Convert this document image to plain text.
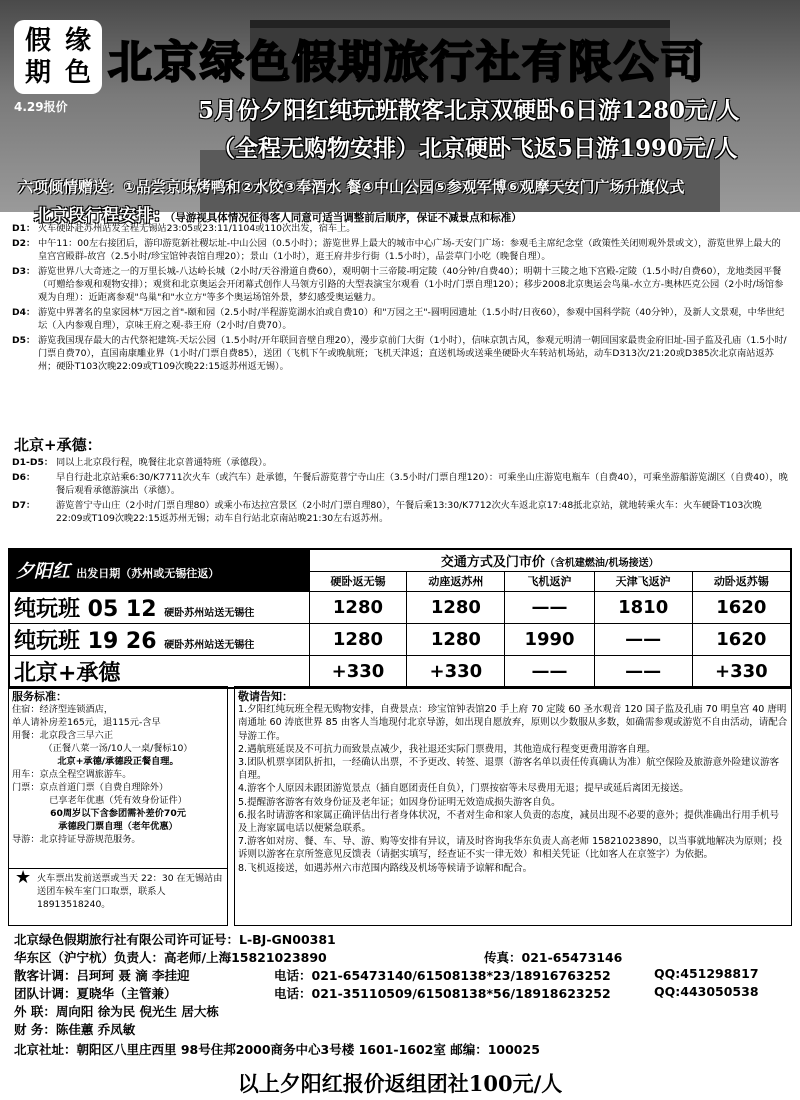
假 缘
期 色
4.29报价
北京绿色假期旅行社有限公司
5月份夕阳红纯玩班散客北京双硬卧6日游1280元/人
（全程无购物安排）北京硬卧飞返5日游1990元/人
六项倾情赠送：①品尝京味烤鸭和②水饺③奉酒水 餐④中山公园⑤参观军博⑥观摩天安门广场升旗仪式
北京段行程安排：（导游视具体情况征得客人同意可适当调整前后顺序，保证不减景点和标准）
D1： 火车硬卧赴苏州站发全程无锡站23:05或23:11/1104或110次出发，宿车上。
D2： 中午11：00左右接团后，游印游览新社稷坛址-中山公园（0.5小时）；游览世界上最大的城市中心广场-天安门广场：参观毛主席纪念堂（政策性关闭则观外景或文），游览世界上最大的皇宫宫殿群-故宫（2.5小时/珍宝馆钟表馆自理20）；景山（1小时），逛王府井步行街（1.5小时），品尝草门小吃（晚餐自理）。
D3： 游览世界八大奇迹之一的万里长城-八达岭长城（2小时/天谷滑道自费60），观明朝十三帝陵-明定陵（40分钟/自费40）；明朝十三陵之地下宫殿-定陵（1.5小时/自费60），龙地类园平餐（可赠给参观和观物安排）；观赏和北京奥运会开闭幕式创作人马领方引路的大型表演宝尔观看（1小时/门票自理120）；移步2008北京奥运会鸟巢-水立方-奥林匹克公园（2小时/场馆参观为自理）：近距离参观"鸟巢"和"水立方"等多个奥运场馆外景，梦幻感受奥运魅力。
D4： 游览中界著名的皇家园林"万园之首"-颐和园（2.5小时/半程游览湖水泊或自费10）和"万园之王"-圆明园遗址（1.5小时/日夜60），参观中国科学院（40分钟），及新人文景观，中华世纪坛（入内参观自理），京味王府之观-恭王府（2小时/自费70）。
D5： 游览我国现存最大的古代祭祀建筑-天坛公园（1.5小时/开年联回音壁自理20），漫步京前门大街（1小时），信味京凯古风，参观元明清一朝回国家最贵金府旧址-国子监及孔庙（1.5小时/门票自费70），直国南康雕业界（1小时/门票自费85），送团（飞机下午或晚航班；飞机天津返；直送机场或送乘坐硬卧火车转站机场站，动车D313次/21:20或D385次北京南站返苏州；硬卧T103次晚22:09或T109次晚22:15返苏州返无锡）。
北京+承德：
D1-D5： 同以上北京段行程，晚餐往北京普通特班（承德段）。
D6：	早自行赴北京站乘6:30/K7711次火车（或汽车）赴承德，午餐后游览普宁寺山庄（3.5小时/门票自理120）：可乘坐山庄游览电瓶车（自费40），可乘坐游船游览湖区（自费40），晚餐后观看承德游演出（承德）。
D7：	游览普宁寺山庄（2小时/门票自理80）或乘小布达拉宫景区（2小时/门票自理80），午餐后乘13:30/K7712次火车返北京17:48抵北京站，就地转乘火车：火车硬卧T103次晚22:09或T109次晚22:15返苏州无锡；动车自行站北京南站晚21:30左右返苏州。
夕阳红 出发日期（苏州或无锡往返）	交通方式及门市价（含机建燃油/机场接送）				
	硬卧返无锡	动座返苏州	飞机返沪	天津飞返沪	动卧返苏锡
纯玩班 05 12 硬卧苏州站送无锡往	1280	1280	——	1810	1620
纯玩班 19 26 硬卧苏州站送无锡往	1280	1280	1990	——	1620
北京+承德	+330	+330	——	——	+330
服务标准：
住宿：经济型连锁酒店，
单人请补房差165元，退115元-含早
用餐：北京段含三早六正
（正餐八菜一汤/10人一桌/餐标10）
北京+承德/承德段正餐自理。
用车：京点全程空调旅游车。
门票：京点首道门票（自费自理除外）
已享老年优惠（凭有效身份证件）
60周岁以下含参团需补差价70元
承德段门票自理（老年优惠）
导游：北京持证导游规范服务。
★ 火车票出发前送票或当天 22：30 在无锡站由送团车候车室门口取票，联系人 18913518240。
敬请告知：
1.夕阳红纯玩班全程无购物安排，自费景点：珍宝馆钟表馆20 手上府 70 定陵 60 圣水观音 120 国子监及孔庙 70 明皇宫 40 唐明南通址 60 涛底世界 85 由客人当地现付北京导游，如出现自愿放弃，原则以少数服从多数，如确需参观或游览不自由活动，请配合导游工作。
2.遇航班延误及不可抗力而致景点减少，我社退还实际门票费用，其他造成行程变更费用游客自理。
3.团队机票享团队折扣，一经确认出票，不予更改、转签、退票（游客名单以责任传真确认为准）航空保险及旅游意外险建议游客自理。
4.游客个人原因未跟团游览景点（插自愿团责任自负），门票按宿等未尽费用无退；提早或延后离团无接送。
5.提醒游客游客有效身份证及老年证；如因身份证明无效造成损失游客自负。
6.报名时请游客和家属正确评估出行者身体状况，不者对生命和家人负责的态度，减员出现不必要的意外；提供准确出行用手机号及上海家属电话以便紧急联系。
7.游客如对房、餐、车、导、游、购等安排有异议，请及时咨询我华东负责人高老师 15821023890，以当事就地解决为原则；投诉则以游客在京所签意见反馈表（请据实填写，经查证不实一律无效）和相关凭证（比如客人在京签字）为依据。
8.飞机返接送，如遇苏州六市范围内路线及机场等候请予谅解和配合。
北京绿色假期旅行社有限公司许可证号：L-BJ-GN00381
华东区（沪宁杭）负责人：高老师/上海15821023890	传真：021-65473146
散客计调：吕珂珂 聂 滴 李挂迎	电话：021-65473140/61508138*23/18916763252	QQ:451298817
团队计调：夏晓华（主管兼）	电话：021-35110509/61508138*56/18918623252	QQ:443050538
外 联：周向阳 徐为民 倪光生 居大栋
财 务：陈佳蕙 乔凤敏
北京社址：朝阳区八里庄西里 98号住邦2000商务中心3号楼 1601-1602室 邮编：100025
以上夕阳红报价返组团社100元/人
